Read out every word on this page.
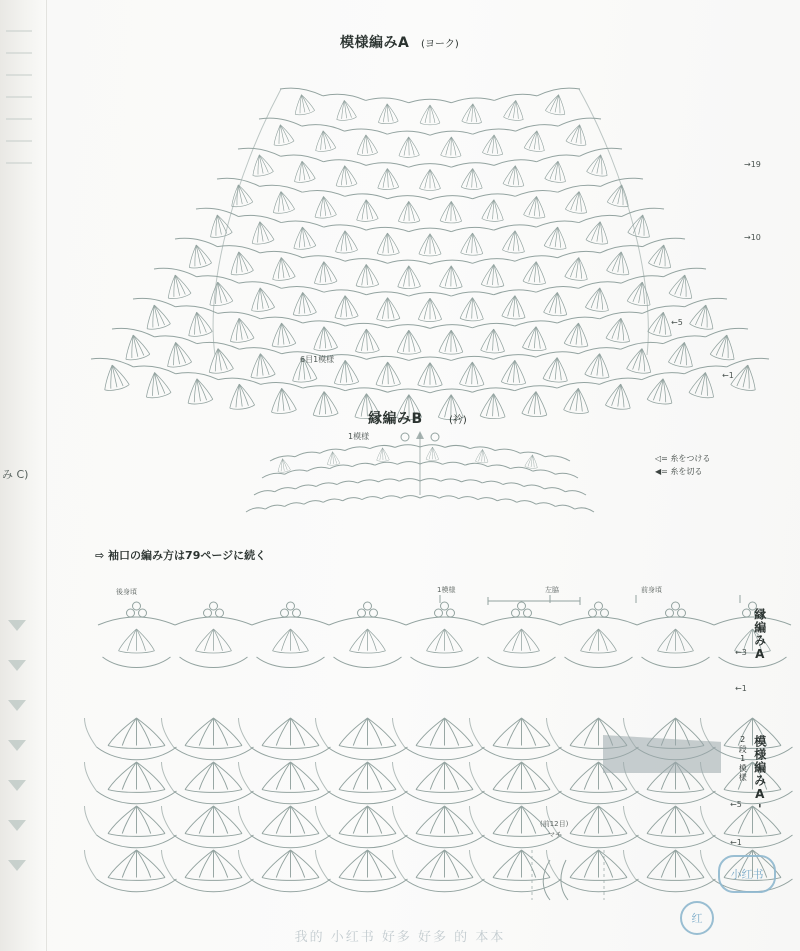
み C)
模様編みA (ヨーク)
→19
→10
←5
←1
6目1模様
縁編みB	(衿)
1模様
◁= 糸をつける
◀= 糸を切る
⇨ 袖口の編み方は79ページに続く
後身頃	1模様	左脇	前身頃
縁編みA
←3
←1
模様編みA'
2段1模様
←5
←1
(前12目)
マチ
小红书
红
我的 小红书 好多 好多 的 本本
